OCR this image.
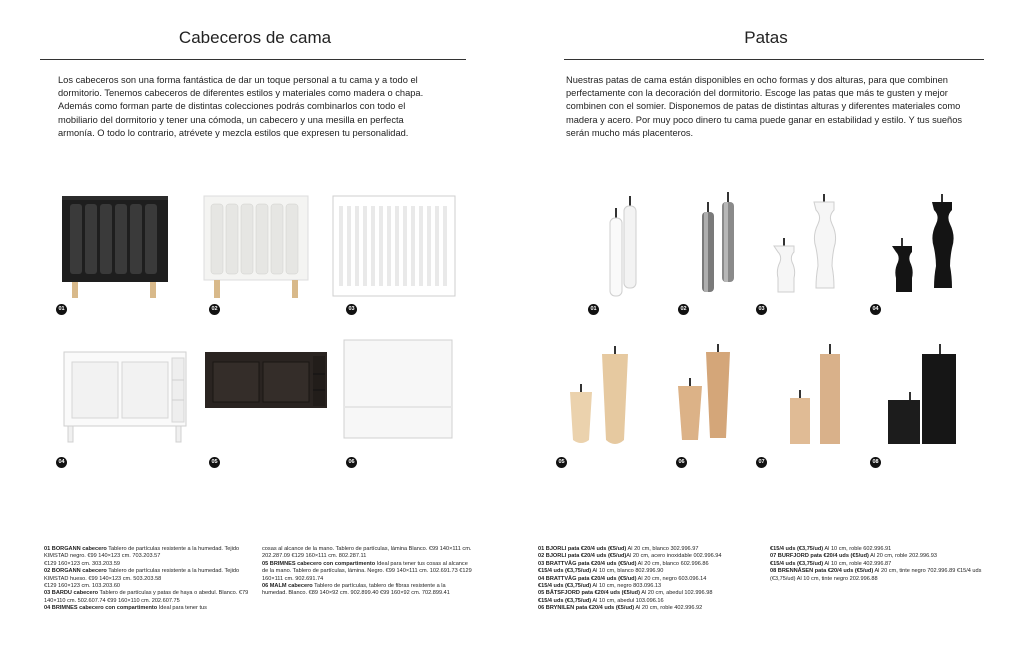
Cabeceros de cama

Los cabeceros son una forma fantástica de dar un toque personal a tu cama y a todo el dormitorio. Tenemos cabeceros de diferentes estilos y materiales como madera o chapa. Además como forman parte de distintas colecciones podrás combinarlos con todo el mobiliario del dormitorio y tener una cómoda, un cabecero y una mesilla en perfecta armonía. O todo lo contrario, atrévete y mezcla estilos que expresen tu personalidad.

01	02	03
04	05	06

01 BORGANN cabecero Tablero de partículas resistente a la humedad. Tejido KIMSTAD negro. €99 140×123 cm. 703.203.57

€129 160×123 cm. 303.203.59

02 BORGANN cabecero Tablero de partículas resistente a la humedad. Tejido KIMSTAD hueso. €99 140×123 cm. 503.203.58

€129 160×123 cm. 103.203.60

03 BARDU cabecero Tablero de partículas y patas de haya o abedul. Blanco. €79 140×110 cm. 502.607.74 €99 160×110 cm. 202.607.75

04 BRIMNES cabecero con compartimento Ideal para tener tus

cosas al alcance de la mano. Tablero de partículas, lámina Blanco. €99 140×111 cm. 202.287.09 €129 160×111 cm. 802.287.11

05 BRIMNES cabecero con compartimento Ideal para tener tus cosas al alcance de la mano. Tablero de partículas, lámina. Negro. €99 140×111 cm. 102.691.73 €129 160×111 cm. 902.691.74

06 MALM cabecero Tablero de partículas, tablero de fibras resistente a la humedad. Blanco. €89 140×92 cm. 902.899.40 €99 160×92 cm. 702.899.41

Patas

Nuestras patas de cama están disponibles en ocho formas y dos alturas, para que combinen perfectamente con la decoración del dormitorio. Escoge las patas que más te gusten y mejor combinen con el somier. Disponemos de patas de distintas alturas y diferentes materiales como madera y acero. Por muy poco dinero tu cama puede ganar en estabilidad y estilo. Y tus sueños serán mucho más placenteros.

01	02	03	04
05	06	07	08

01 BJORLI pata €20/4 uds (€5/ud) Al 20 cm, blanco 302.996.97

02 BJORLI pata €20/4 uds (€5/ud)Al 20 cm, acero inoxidable 002.996.94

03 BRATTVÅG pata €20/4 uds (€5/ud) Al 20 cm, blanco 602.996.86

€15/4 uds (€3,75/ud) Al 10 cm, blanco 802.996.90

04 BRATTVÅG pata €20/4 uds (€5/ud) Al 20 cm, negro 603.096.14

€15/4 uds (€3,75/ud) Al 10 cm, negro 803.096.13

05 BÅTSFJORD pata €20/4 uds (€5/ud) Al 20 cm, abedul 102.996.98

€15/4 uds (€3,75/ud) Al 10 cm, abedul 103.096.16

06 BRYNILEN pata €20/4 uds (€5/ud) Al 20 cm, roble 402.996.92

€15/4 uds (€3,75/ud) Al 10 cm, roble 602.996.91

07 BURFJORD pata €20/4 uds (€5/ud) Al 20 cm, roble 202.996.93

€15/4 uds (€3,75/ud) Al 10 cm, roble 402.996.87

08 BRENNÅSEN pata €20/4 uds (€5/ud) Al 20 cm, tinte negro 702.996.89 €15/4 uds (€3,75/ud) Al 10 cm, tinte negro 202.996.88
